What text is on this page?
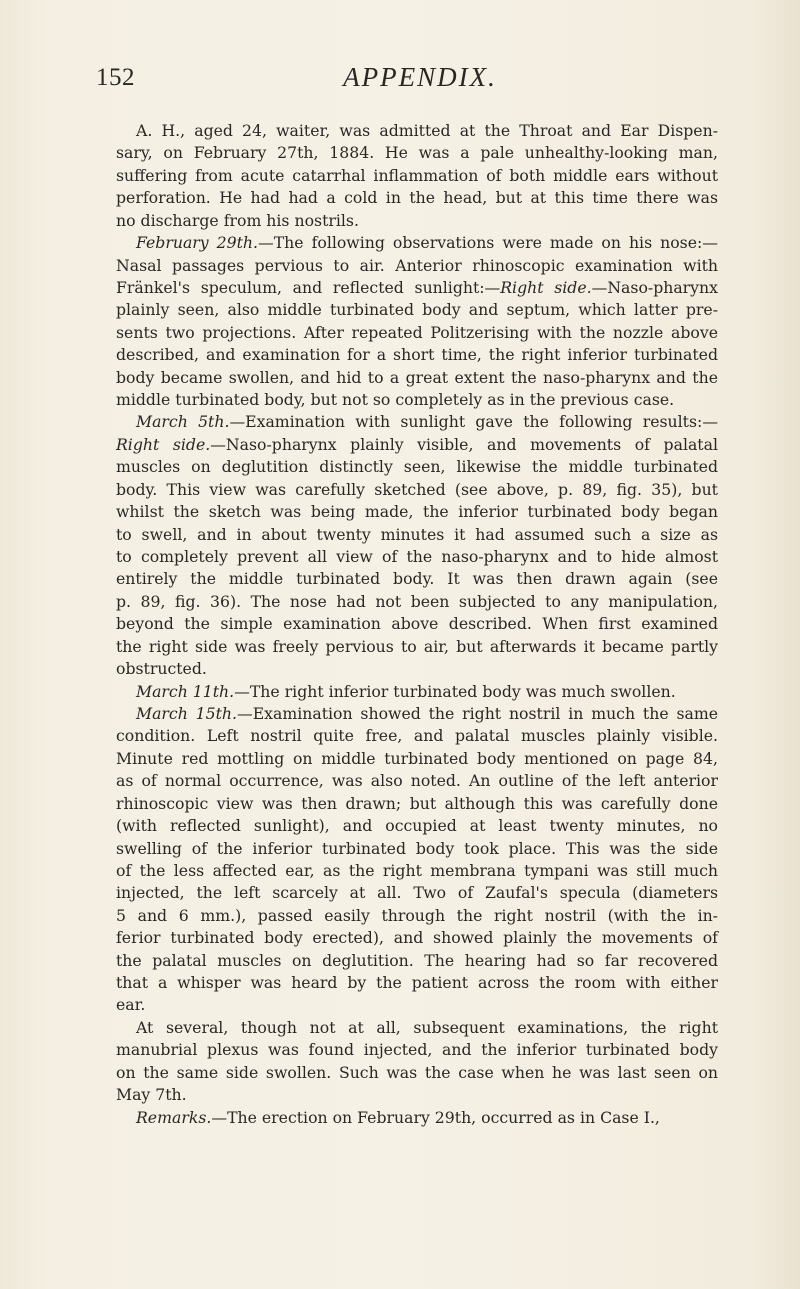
152	APPENDIX.
A. H., aged 24, waiter, was admitted at the Throat and Ear Dispen-
sary, on February 27th, 1884. He was a pale unhealthy-looking man,
suffering from acute catarrhal inflammation of both middle ears without
perforation. He had had a cold in the head, but at this time there was
no discharge from his nostrils.
February 29th.—The following observations were made on his nose:—
Nasal passages pervious to air. Anterior rhinoscopic examination with
Fränkel's speculum, and reflected sunlight:—Right side.—Naso-pharynx
plainly seen, also middle turbinated body and septum, which latter pre-
sents two projections. After repeated Politzerising with the nozzle above
described, and examination for a short time, the right inferior turbinated
body became swollen, and hid to a great extent the naso-pharynx and the
middle turbinated body, but not so completely as in the previous case.
March 5th.—Examination with sunlight gave the following results:—
Right side.—Naso-pharynx plainly visible, and movements of palatal
muscles on deglutition distinctly seen, likewise the middle turbinated
body. This view was carefully sketched (see above, p. 89, fig. 35), but
whilst the sketch was being made, the inferior turbinated body began
to swell, and in about twenty minutes it had assumed such a size as
to completely prevent all view of the naso-pharynx and to hide almost
entirely the middle turbinated body. It was then drawn again (see
p. 89, fig. 36). The nose had not been subjected to any manipulation,
beyond the simple examination above described. When first examined
the right side was freely pervious to air, but afterwards it became partly
obstructed.
March 11th.—The right inferior turbinated body was much swollen.
March 15th.—Examination showed the right nostril in much the same
condition. Left nostril quite free, and palatal muscles plainly visible.
Minute red mottling on middle turbinated body mentioned on page 84,
as of normal occurrence, was also noted. An outline of the left anterior
rhinoscopic view was then drawn; but although this was carefully done
(with reflected sunlight), and occupied at least twenty minutes, no
swelling of the inferior turbinated body took place. This was the side
of the less affected ear, as the right membrana tympani was still much
injected, the left scarcely at all. Two of Zaufal's specula (diameters
5 and 6 mm.), passed easily through the right nostril (with the in-
ferior turbinated body erected), and showed plainly the movements of
the palatal muscles on deglutition. The hearing had so far recovered
that a whisper was heard by the patient across the room with either
ear.
At several, though not at all, subsequent examinations, the right
manubrial plexus was found injected, and the inferior turbinated body
on the same side swollen. Such was the case when he was last seen on
May 7th.
Remarks.—The erection on February 29th, occurred as in Case I.,
